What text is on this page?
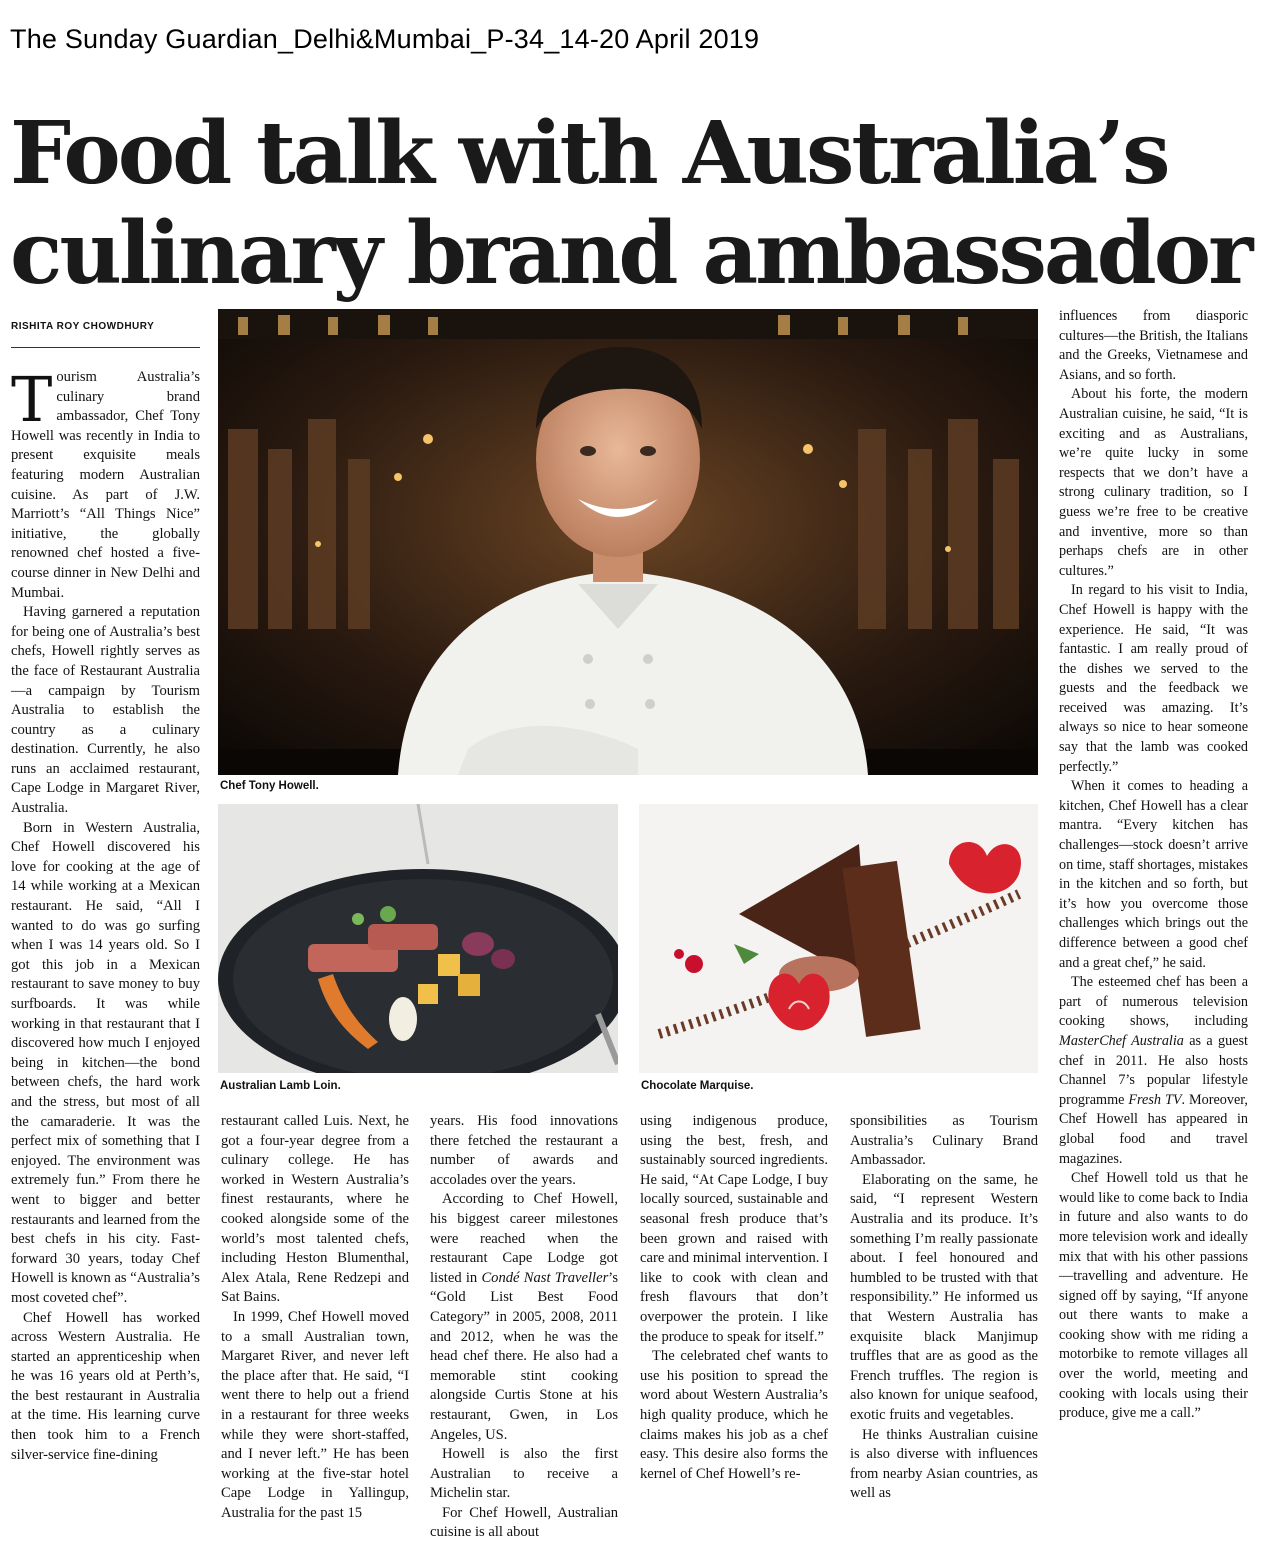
The Sunday Guardian_Delhi&Mumbai_P-34_14-20 April 2019
Food talk with Australia’s
culinary brand ambassador
RISHITA ROY CHOWDHURY
Chef Tony Howell.
Australian Lamb Loin.	Chocolate Marquise.

Tourism Australia’s culinary brand ambassador, Chef Tony Howell was recently in India to present exquisite meals featuring modern Australian cuisine. As part of J.W. Marriott’s “All Things Nice” initiative, the globally renowned chef hosted a five-course dinner in New Delhi and Mumbai.

Having garnered a reputation for being one of Australia’s best chefs, Howell rightly serves as the face of Restaurant Australia—a campaign by Tourism Australia to establish the country as a culinary destination. Currently, he also runs an acclaimed restaurant, Cape Lodge in Margaret River, Australia.

Born in Western Australia, Chef Howell discovered his love for cooking at the age of 14 while working at a Mexican restaurant. He said, “All I wanted to do was go surfing when I was 14 years old. So I got this job in a Mexican restaurant to save money to buy surfboards. It was while working in that restaurant that I discovered how much I enjoyed being in kitchen—the bond between chefs, the hard work and the stress, but most of all the camaraderie. It was the perfect mix of something that I enjoyed. The environment was extremely fun.” From there he went to bigger and better restaurants and learned from the best chefs in his city. Fast-forward 30 years, today Chef Howell is known as “Australia’s most coveted chef”.

Chef Howell has worked across Western Australia. He started an apprenticeship when he was 16 years old at Perth’s, the best restaurant in Australia at the time. His learning curve then took him to a French silver-service fine-dining

restaurant called Luis. Next, he got a four-year degree from a culinary college. He has worked in Western Australia’s finest restaurants, where he cooked alongside some of the world’s most talented chefs, including Heston Blumenthal, Alex Atala, Rene Redzepi and Sat Bains.

In 1999, Chef Howell moved to a small Australian town, Margaret River, and never left the place after that. He said, “I went there to help out a friend in a restaurant for three weeks while they were short-staffed, and I never left.” He has been working at the five-star hotel Cape Lodge in Yallingup, Australia for the past 15

years. His food innovations there fetched the restaurant a number of awards and accolades over the years.

According to Chef Howell, his biggest career milestones were reached when the restaurant Cape Lodge got listed in Condé Nast Traveller’s “Gold List Best Food Category” in 2005, 2008, 2011 and 2012, when he was the head chef there. He also had a memorable stint cooking alongside Curtis Stone at his restaurant, Gwen, in Los Angeles, US.

Howell is also the first Australian to receive a Michelin star.

For Chef Howell, Australian cuisine is all about

using indigenous produce, using the best, fresh, and sustainably sourced ingredients. He said, “At Cape Lodge, I buy locally sourced, sustainable and seasonal fresh produce that’s been grown and raised with care and minimal intervention. I like to cook with clean and fresh flavours that don’t overpower the protein. I like the produce to speak for itself.”

The celebrated chef wants to use his position to spread the word about Western Australia’s high quality produce, which he claims makes his job as a chef easy. This desire also forms the kernel of Chef Howell’s re-

sponsibilities as Tourism Australia’s Culinary Brand Ambassador.

Elaborating on the same, he said, “I represent Western Australia and its produce. It’s something I’m really passionate about. I feel honoured and humbled to be trusted with that responsibility.” He informed us that Western Australia has exquisite black Manjimup truffles that are as good as the French truffles. The region is also known for unique seafood, exotic fruits and vegetables.

He thinks Australian cuisine is also diverse with influences from nearby Asian countries, as well as

influences from diasporic cultures—the British, the Italians and the Greeks, Vietnamese and Asians, and so forth.

About his forte, the modern Australian cuisine, he said, “It is exciting and as Australians, we’re quite lucky in some respects that we don’t have a strong culinary tradition, so I guess we’re free to be creative and inventive, more so than perhaps chefs are in other cultures.”

In regard to his visit to India, Chef Howell is happy with the experience. He said, “It was fantastic. I am really proud of the dishes we served to the guests and the feedback we received was amazing. It’s always so nice to hear someone say that the lamb was cooked perfectly.”

When it comes to heading a kitchen, Chef Howell has a clear mantra. “Every kitchen has challenges—stock doesn’t arrive on time, staff shortages, mistakes in the kitchen and so forth, but it’s how you overcome those challenges which brings out the difference between a good chef and a great chef,” he said.

The esteemed chef has been a part of numerous television cooking shows, including MasterChef Australia as a guest chef in 2011. He also hosts Channel 7’s popular lifestyle programme Fresh TV. Moreover, Chef Howell has appeared in global food and travel magazines.

Chef Howell told us that he would like to come back to India in future and also wants to do more television work and ideally mix that with his other passions—travelling and adventure. He signed off by saying, “If anyone out there wants to make a cooking show with me riding a motorbike to remote villages all over the world, meeting and cooking with locals using their produce, give me a call.”
